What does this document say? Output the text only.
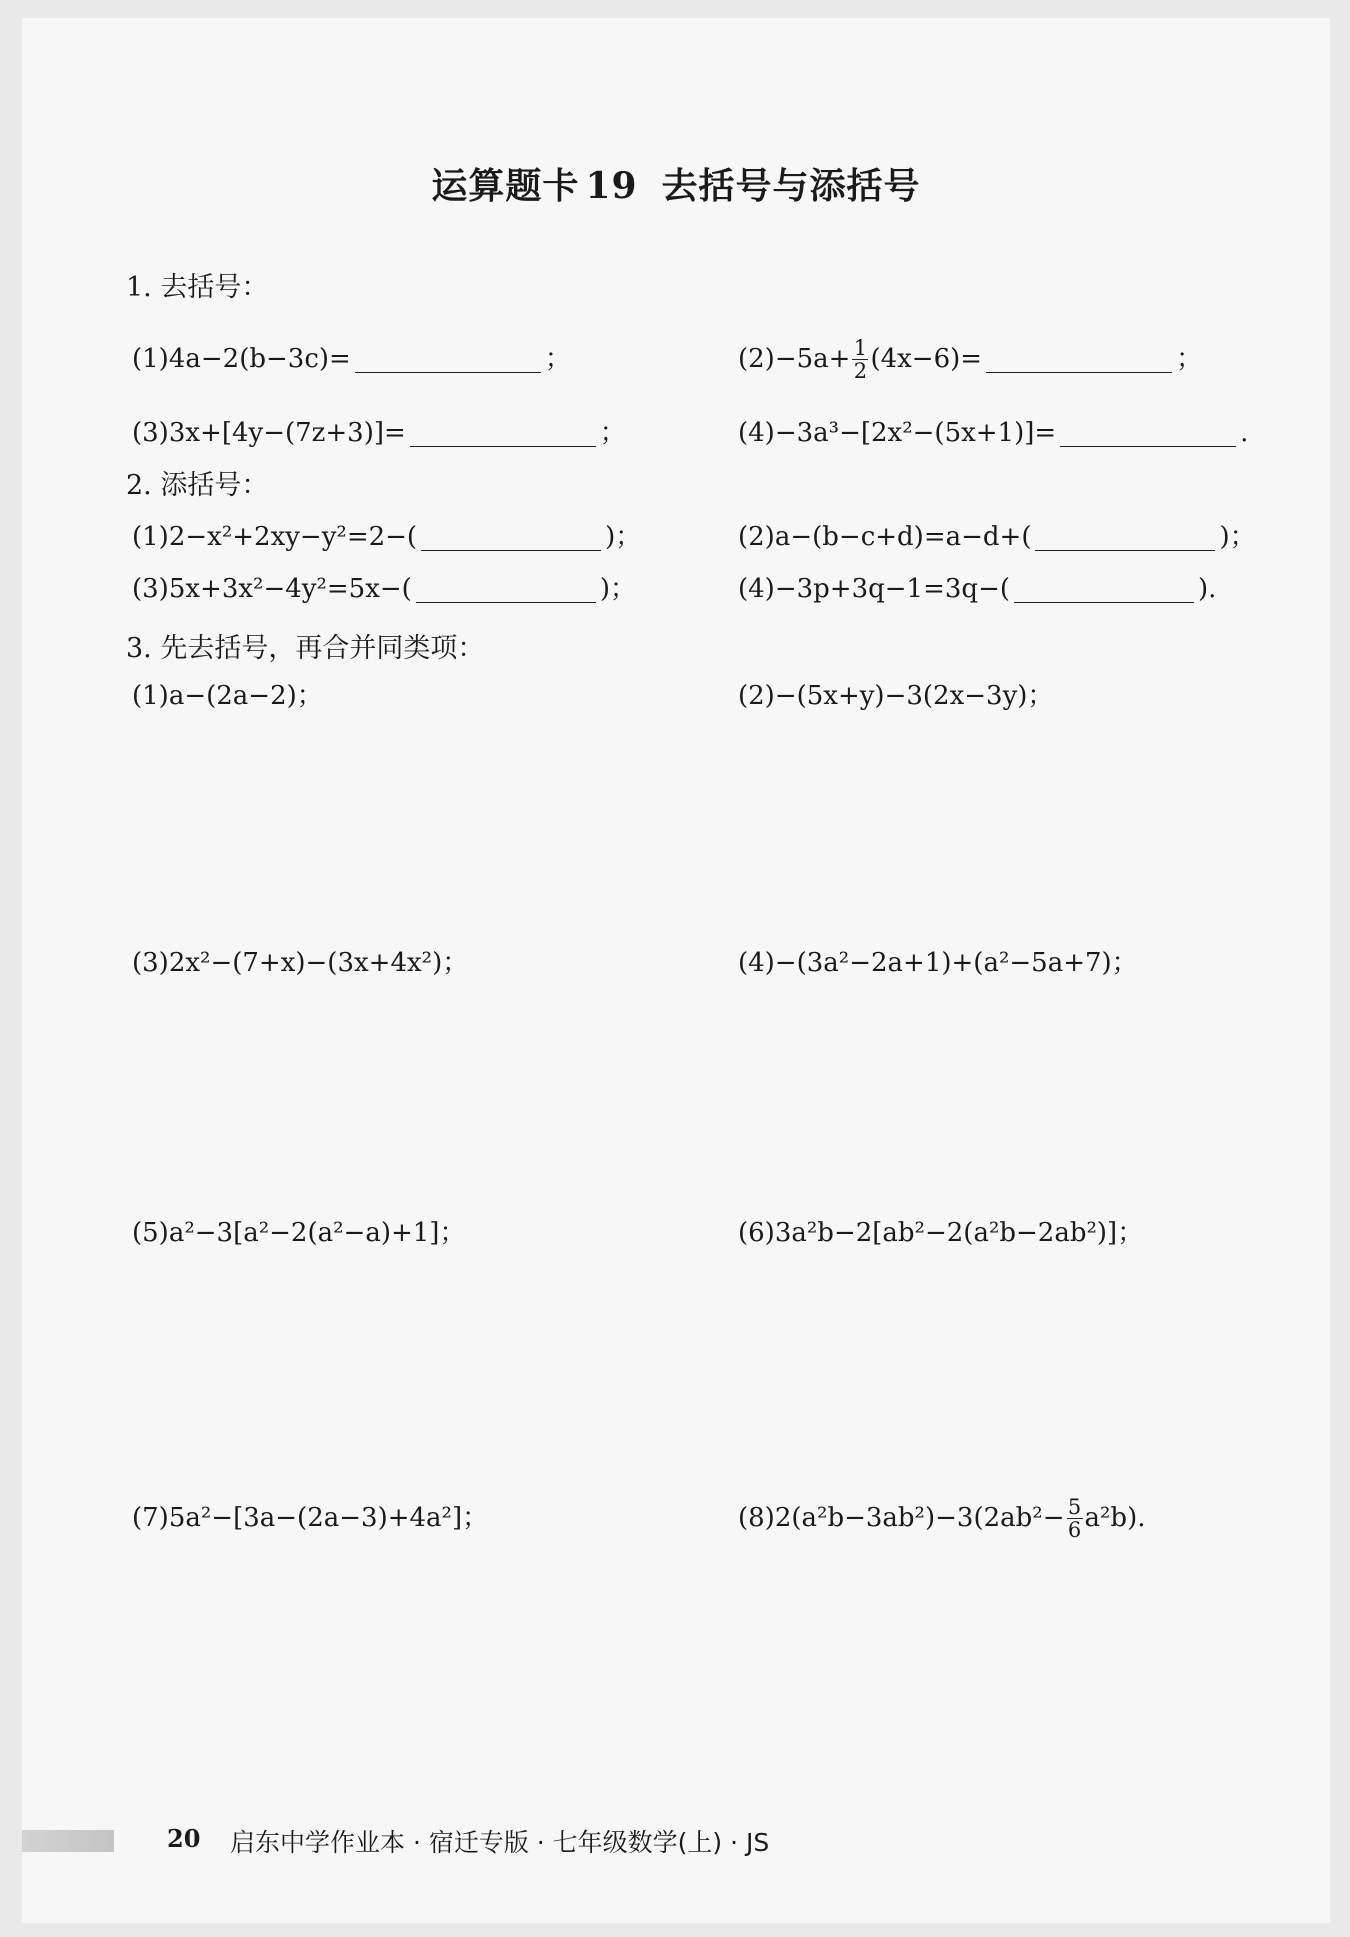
运算题卡 19 去括号与添括号
1. 去括号：
(1)4a−2(b−3c)=	；	$(2)-5a+ \frac{1}{2} (4x-6)=$	；
(3)3x+[4y−(7z+3)]=	；	(4)−3a³−[2x²−(5x+1)]=	.
2. 添括号：
(1)2−x²+2xy−y²=2−(	)；	(2)a−(b−c+d)=a−d+(	)；
(3)5x+3x²−4y²=5x−(	)；	(4)−3p+3q−1=3q−(	).
3. 先去括号，再合并同类项：
(1)a−(2a−2)；	(2)−(5x+y)−3(2x−3y)；
(3)2x²−(7+x)−(3x+4x²)；	(4)−(3a²−2a+1)+(a²−5a+7)；
(5)a²−3[a²−2(a²−a)+1]；	(6)3a²b−2[ab²−2(a²b−2ab²)]；
(7)5a²−[3a−(2a−3)+4a²]；	$(8)2(a^2b-3ab^2)-3(2ab^2- \frac{5}{6} a^2b)$ .
20 启东中学作业本 · 宿迁专版 · 七年级数学(上) · JS
